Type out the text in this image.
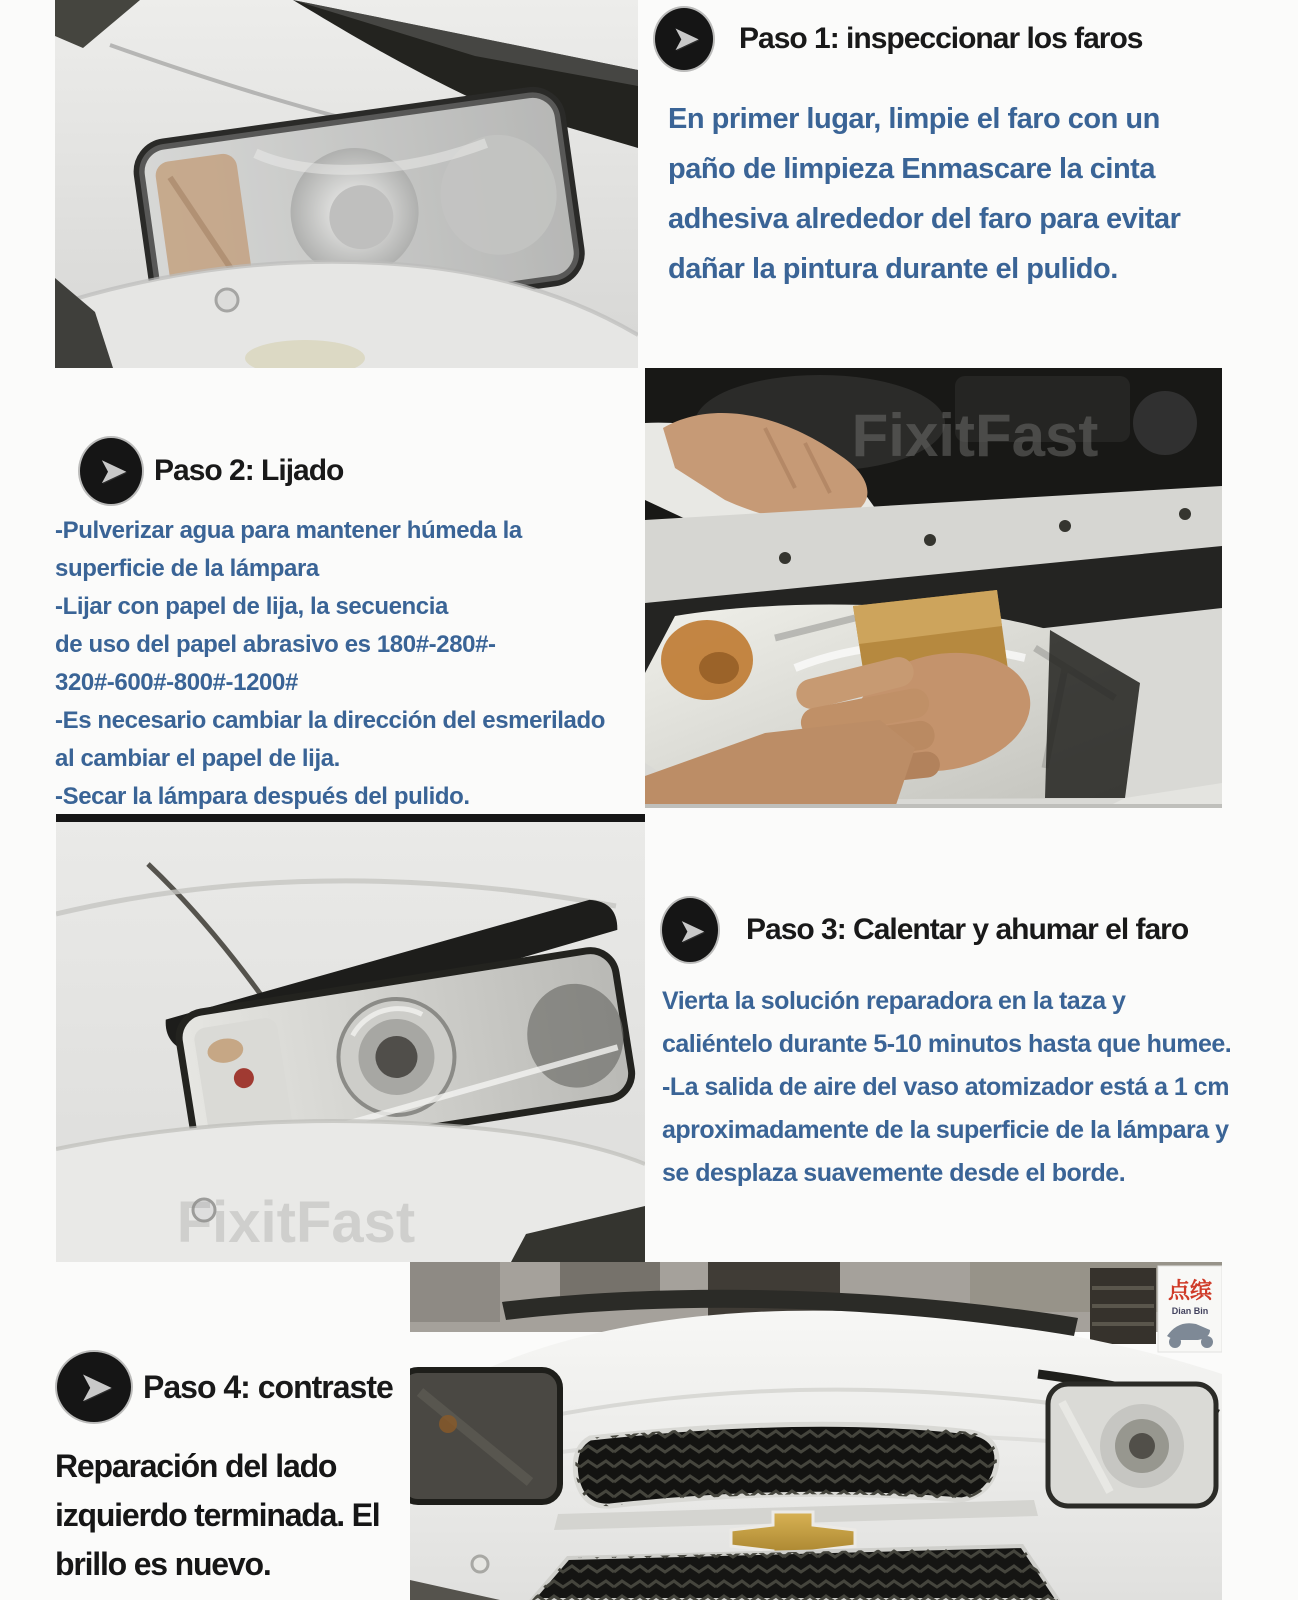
➤ Paso 1: inspeccionar los faros
En primer lugar, limpie el faro con un
paño de limpieza Enmascare la cinta
adhesiva alrededor del faro para evitar
dañar la pintura durante el pulido.
FixitFast
➤ Paso 2: Lijado
-Pulverizar agua para mantener húmeda la
superficie de la lámpara
-Lijar con papel de lija, la secuencia
de uso del papel abrasivo es 180#-280#-
320#-600#-800#-1200#
-Es necesario cambiar la dirección del esmerilado
al cambiar el papel de lija.
-Secar la lámpara después del pulido.
FixitFast
➤ Paso 3: Calentar y ahumar el faro
Vierta la solución reparadora en la taza y
caliéntelo durante 5-10 minutos hasta que humee.
-La salida de aire del vaso atomizador está a 1 cm
aproximadamente de la superficie de la lámpara y
se desplaza suavemente desde el borde.
➤ Paso 4: contraste
Reparación del lado
izquierdo terminada. El
brillo es nuevo.
点缤
Dian Bin
